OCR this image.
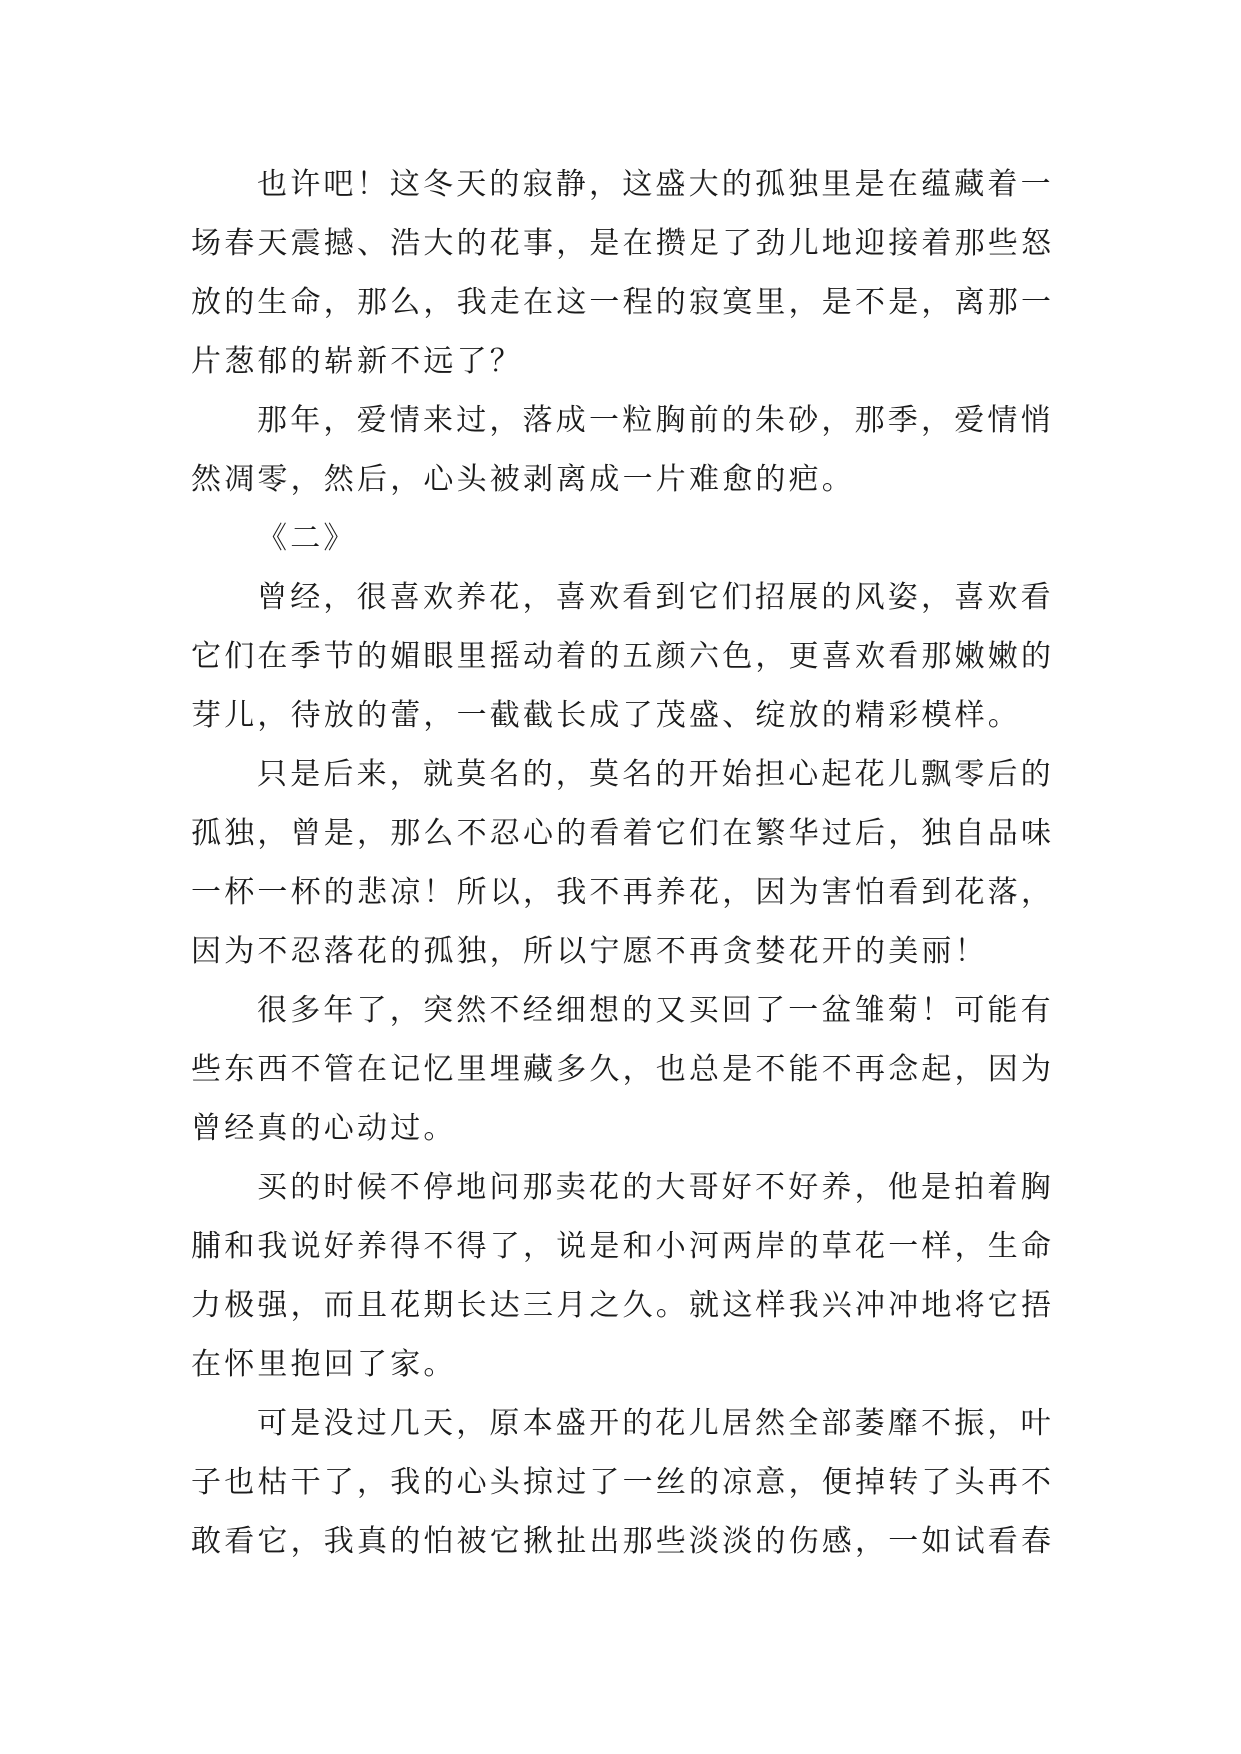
也许吧！这冬天的寂静，这盛大的孤独里是在蕴藏着一
场春天震撼、浩大的花事，是在攒足了劲儿地迎接着那些怒
放的生命，那么，我走在这一程的寂寞里，是不是，离那一
片葱郁的崭新不远了？
那年，爱情来过，落成一粒胸前的朱砂，那季，爱情悄
然凋零，然后，心头被剥离成一片难愈的疤。
《二》
曾经，很喜欢养花，喜欢看到它们招展的风姿，喜欢看
它们在季节的媚眼里摇动着的五颜六色，更喜欢看那嫩嫩的
芽儿，待放的蕾，一截截长成了茂盛、绽放的精彩模样。
只是后来，就莫名的，莫名的开始担心起花儿飘零后的
孤独，曾是，那么不忍心的看着它们在繁华过后，独自品味
一杯一杯的悲凉！所以，我不再养花，因为害怕看到花落，
因为不忍落花的孤独，所以宁愿不再贪婪花开的美丽！
很多年了，突然不经细想的又买回了一盆雏菊！可能有
些东西不管在记忆里埋藏多久，也总是不能不再念起，因为
曾经真的心动过。
买的时候不停地问那卖花的大哥好不好养，他是拍着胸
脯和我说好养得不得了，说是和小河两岸的草花一样，生命
力极强，而且花期长达三月之久。就这样我兴冲冲地将它捂
在怀里抱回了家。
可是没过几天，原本盛开的花儿居然全部萎靡不振，叶
子也枯干了，我的心头掠过了一丝的凉意，便掉转了头再不
敢看它，我真的怕被它揪扯出那些淡淡的伤感，一如试看春
